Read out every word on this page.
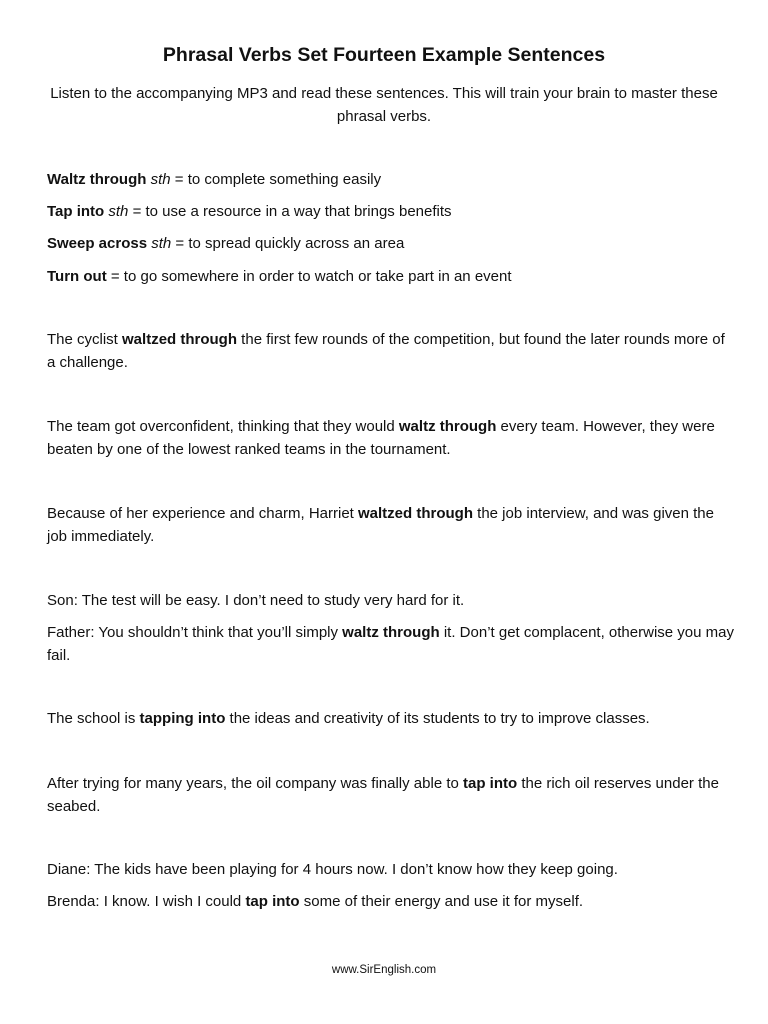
Phrasal Verbs Set Fourteen Example Sentences
Listen to the accompanying MP3 and read these sentences. This will train your brain to master these phrasal verbs.
Waltz through sth = to complete something easily
Tap into sth = to use a resource in a way that brings benefits
Sweep across sth = to spread quickly across an area
Turn out = to go somewhere in order to watch or take part in an event
The cyclist waltzed through the first few rounds of the competition, but found the later rounds more of a challenge.
The team got overconfident, thinking that they would waltz through every team. However, they were beaten by one of the lowest ranked teams in the tournament.
Because of her experience and charm, Harriet waltzed through the job interview, and was given the job immediately.
Son: The test will be easy. I don’t need to study very hard for it.
Father: You shouldn’t think that you’ll simply waltz through it. Don’t get complacent, otherwise you may fail.
The school is tapping into the ideas and creativity of its students to try to improve classes.
After trying for many years, the oil company was finally able to tap into the rich oil reserves under the seabed.
Diane: The kids have been playing for 4 hours now. I don’t know how they keep going.
Brenda: I know. I wish I could tap into some of their energy and use it for myself.
www.SirEnglish.com
